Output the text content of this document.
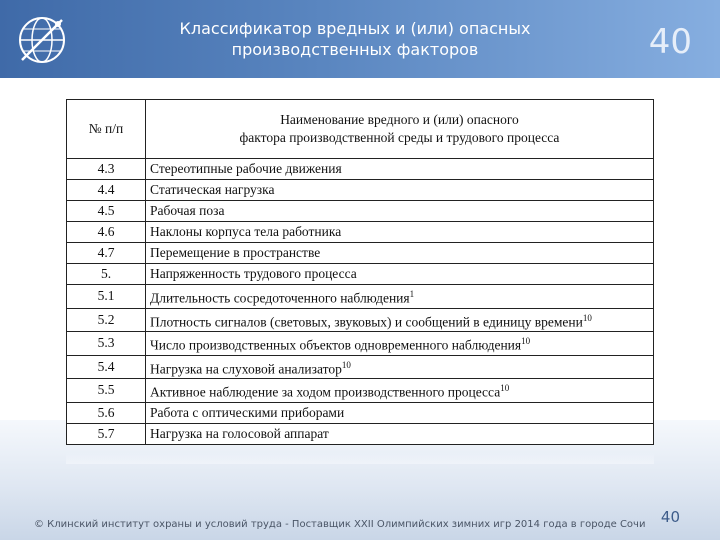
Классификатор вредных и (или) опасных
производственных факторов	40
№ п/п	Наименование вредного и (или) опасного
фактора производственной среды и трудового процесса

4.3	Стереотипные рабочие движения
4.4	Статическая нагрузка
4.5	Рабочая поза
4.6	Наклоны корпуса тела работника
4.7	Перемещение в пространстве
5.	Напряженность трудового процесса
5.1	Длительность сосредоточенного наблюдения$^1$
5.2	Плотность сигналов (световых, звуковых) и сообщений в единицу времени$^{10}$
5.3	Число производственных объектов одновременного наблюдения$^{10}$
5.4	Нагрузка на слуховой анализатор$^{10}$
5.5	Активное наблюдение за ходом производственного процесса$^{10}$
5.6	Работа с оптическими приборами
5.7	Нагрузка на голосовой аппарат
© Клинский институт охраны и условий труда - Поставщик XXII Олимпийских зимних игр 2014 года в городе Сочи 40
